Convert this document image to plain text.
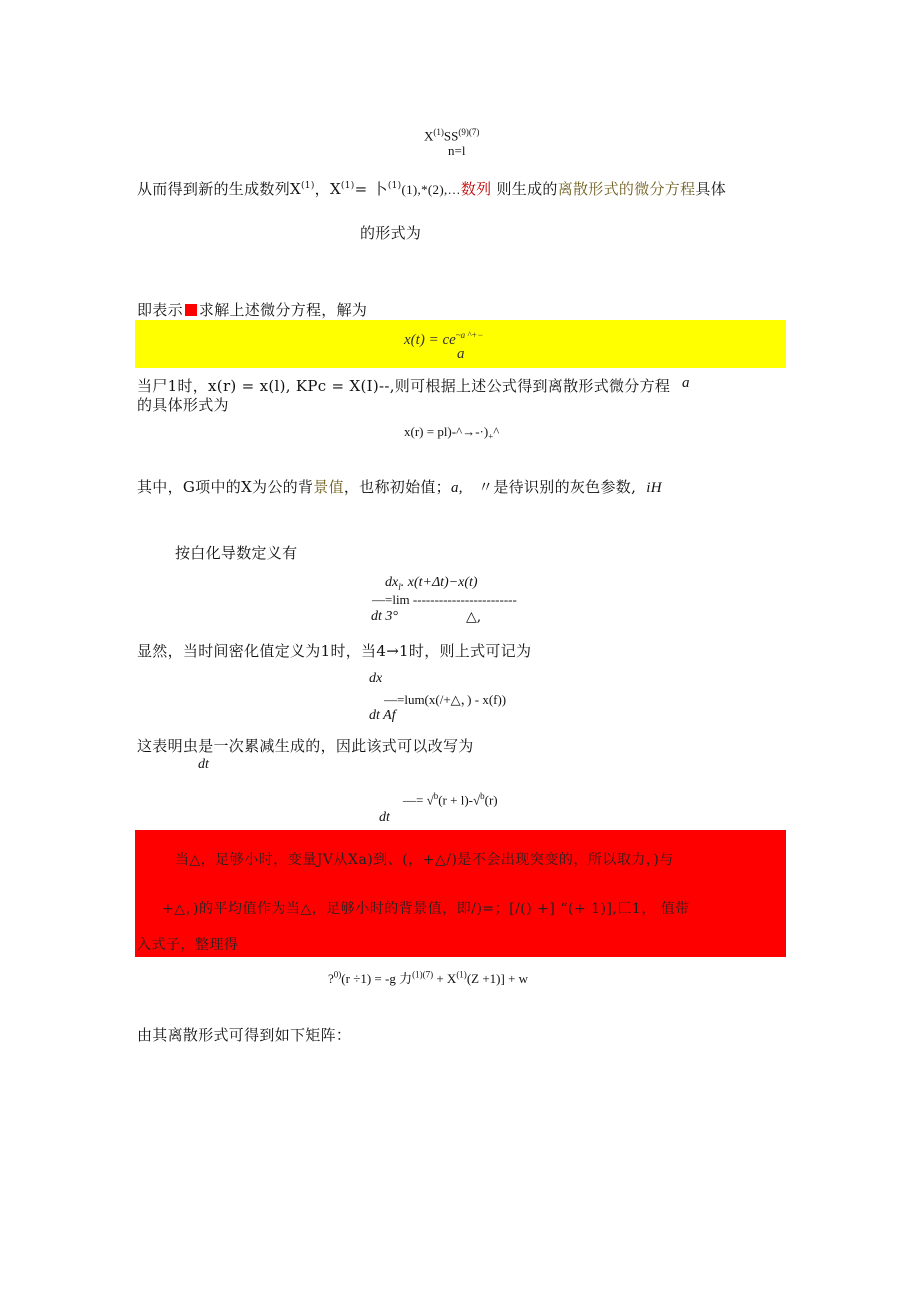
$X^{(1)}SS^{(9)(7)}$
n=l
从而得到新的生成数列$X^{(1)}$，$X^{(1)}=$ 卜$^{(1)}$(1),*(2),…数列 则生成的离散形式的微分方程具体
的形式为
即表示 求解上述微分方程，解为
$x(t) = ce^{\sim a \^{}+-}$
a
当尸1时，x(r) = x(l), KPc = X(I)--,则可根据上述公式得到离散形式微分方程 a
的具体形式为
$x(r) = pl)-\^{}\to-\cdot)_+\^{}$
其中，G项中的X为公的背景值，也称初始值；a, 〃是待识别的灰色参数, iH
按白化导数定义有
$dx_l$. x(t+Δt)−x(t)
—=lim ------------------------
dt 3°	△,
显然，当时间密化值定义为1时，当4→1时，则上式可记为
dx
—=lum(x(/+△，) - x(f))
dt Af
这表明虫是一次累减生成的，因此该式可以改写为
dt
—= √$^b$(r + l)-√$^b$(r)
dt
当△，足够小时，变量JV从Xa)到、(，+△/)是不会出现突变的，所以取力，)与
+△，)的平均值作为当△，足够小时的背景值，即/)=；[/() +] “(+ 1)],匚1， 值带
入式子，整理得
?$^{0)}$(r ÷1) = -g 力$^{(1)(7)} + X^{(1)}(Z +1)] + w$
由其离散形式可得到如下矩阵：
